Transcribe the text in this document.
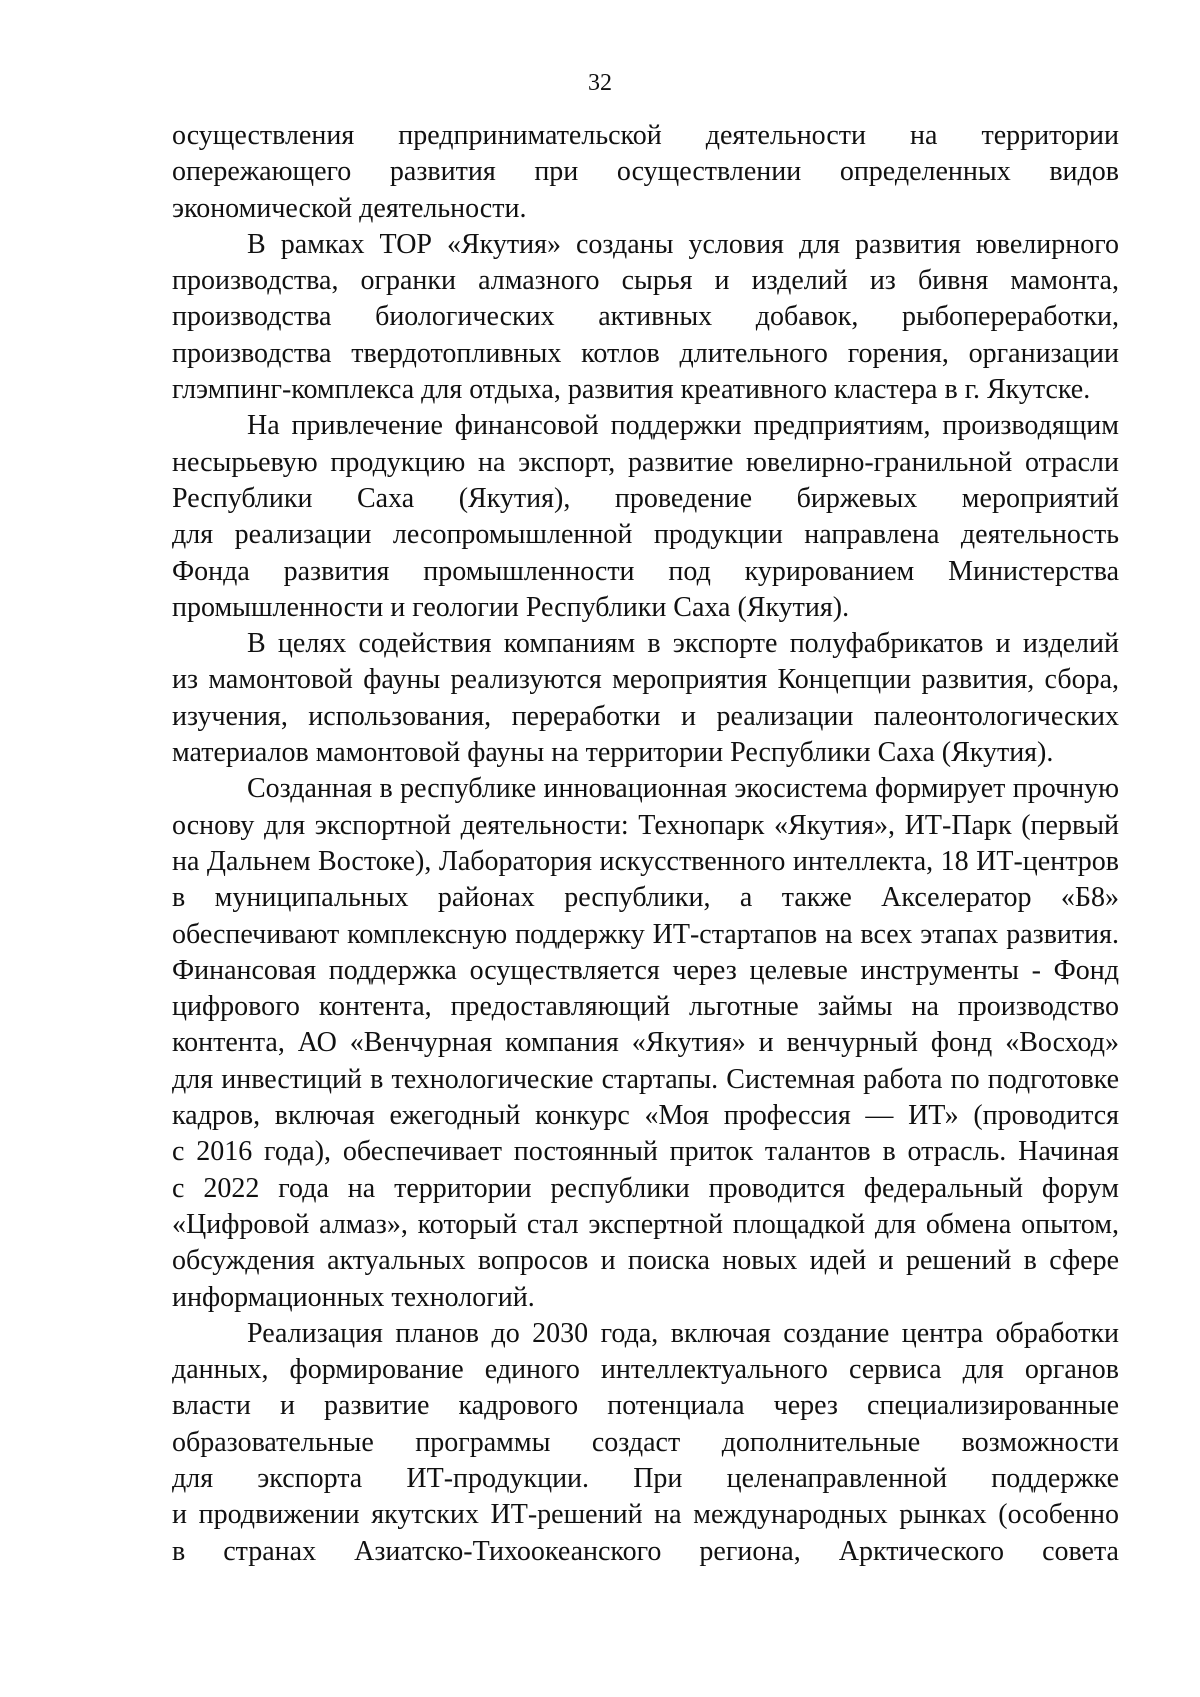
32

осуществления предпринимательской деятельности на территории
опережающего развития при осуществлении определенных видов
экономической деятельности.

В рамках ТОР «Якутия» созданы условия для развития ювелирного
производства, огранки алмазного сырья и изделий из бивня мамонта,
производства биологических активных добавок, рыбопереработки,
производства твердотопливных котлов длительного горения, организации
глэмпинг-комплекса для отдыха, развития креативного кластера в г. Якутске.

На привлечение финансовой поддержки предприятиям, производящим
несырьевую продукцию на экспорт, развитие ювелирно-гранильной отрасли
Республики Саха (Якутия), проведение биржевых мероприятий
для реализации лесопромышленной продукции направлена деятельность
Фонда развития промышленности под курированием Министерства
промышленности и геологии Республики Саха (Якутия).

В целях содействия компаниям в экспорте полуфабрикатов и изделий
из мамонтовой фауны реализуются мероприятия Концепции развития, сбора,
изучения, использования, переработки и реализации палеонтологических
материалов мамонтовой фауны на территории Республики Саха (Якутия).

Созданная в республике инновационная экосистема формирует прочную
основу для экспортной деятельности: Технопарк «Якутия», ИТ-Парк (первый
на Дальнем Востоке), Лаборатория искусственного интеллекта, 18 ИТ-центров
в муниципальных районах республики, а также Акселератор «Б8»
обеспечивают комплексную поддержку ИТ-стартапов на всех этапах развития.
Финансовая поддержка осуществляется через целевые инструменты - Фонд
цифрового контента, предоставляющий льготные займы на производство
контента, АО «Венчурная компания «Якутия» и венчурный фонд «Восход»
для инвестиций в технологические стартапы. Системная работа по подготовке
кадров, включая ежегодный конкурс «Моя профессия — ИТ» (проводится
с 2016 года), обеспечивает постоянный приток талантов в отрасль. Начиная
с 2022 года на территории республики проводится федеральный форум
«Цифровой алмаз», который стал экспертной площадкой для обмена опытом,
обсуждения актуальных вопросов и поиска новых идей и решений в сфере
информационных технологий.

Реализация планов до 2030 года, включая создание центра обработки
данных, формирование единого интеллектуального сервиса для органов
власти и развитие кадрового потенциала через специализированные
образовательные программы создаст дополнительные возможности
для экспорта ИТ-продукции. При целенаправленной поддержке
и продвижении якутских ИТ-решений на международных рынках (особенно
в странах Азиатско-Тихоокеанского региона, Арктического совета
